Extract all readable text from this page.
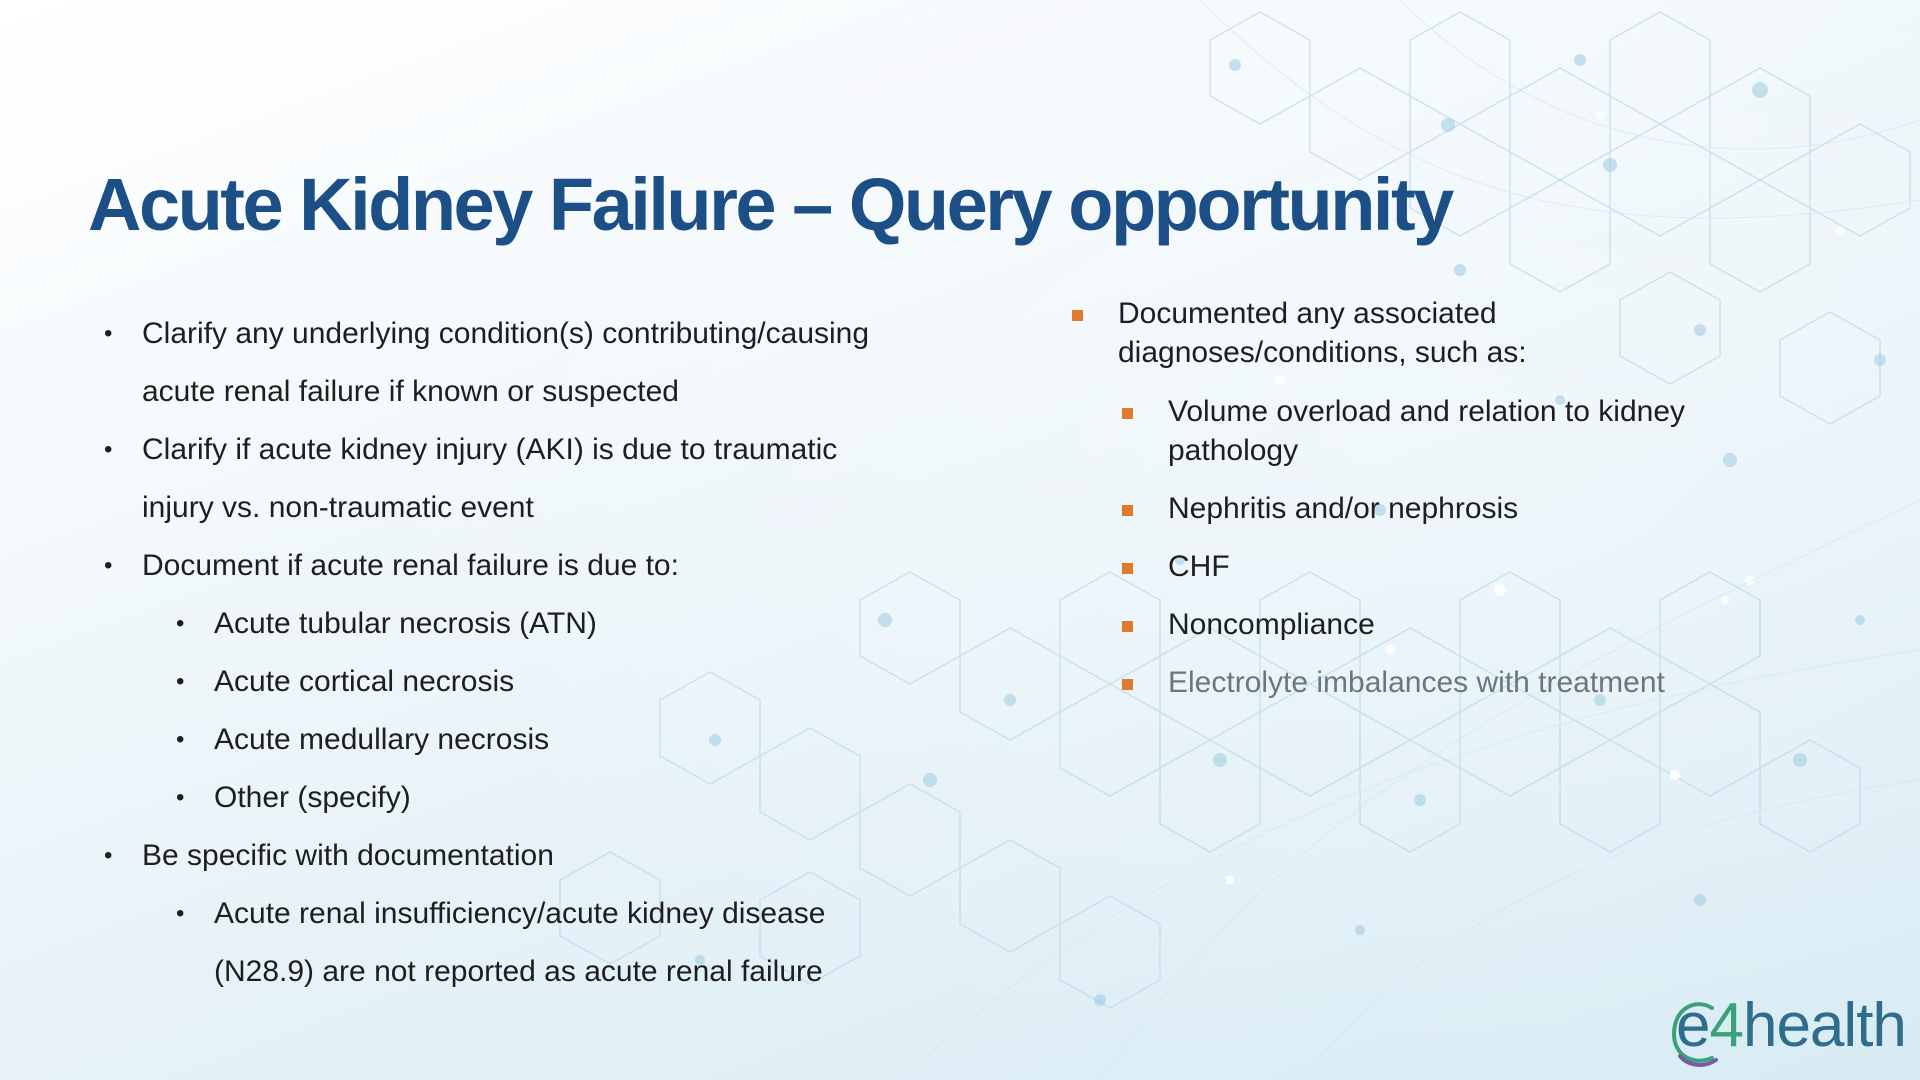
Acute Kidney Failure – Query opportunity
• Clarify any underlying condition(s) contributing/causing
acute renal failure if known or suspected
• Clarify if acute kidney injury (AKI) is due to traumatic
injury vs. non-traumatic event
• Document if acute renal failure is due to:
• Acute tubular necrosis (ATN)
• Acute cortical necrosis
• Acute medullary necrosis
• Other (specify)
• Be specific with documentation
• Acute renal insufficiency/acute kidney disease
(N28.9) are not reported as acute renal failure
Documented any associated
diagnoses/conditions, such as:
Volume overload and relation to kidney
pathology
Nephritis and/or nephrosis
CHF
Noncompliance
Electrolyte imbalances with treatment
e4health
